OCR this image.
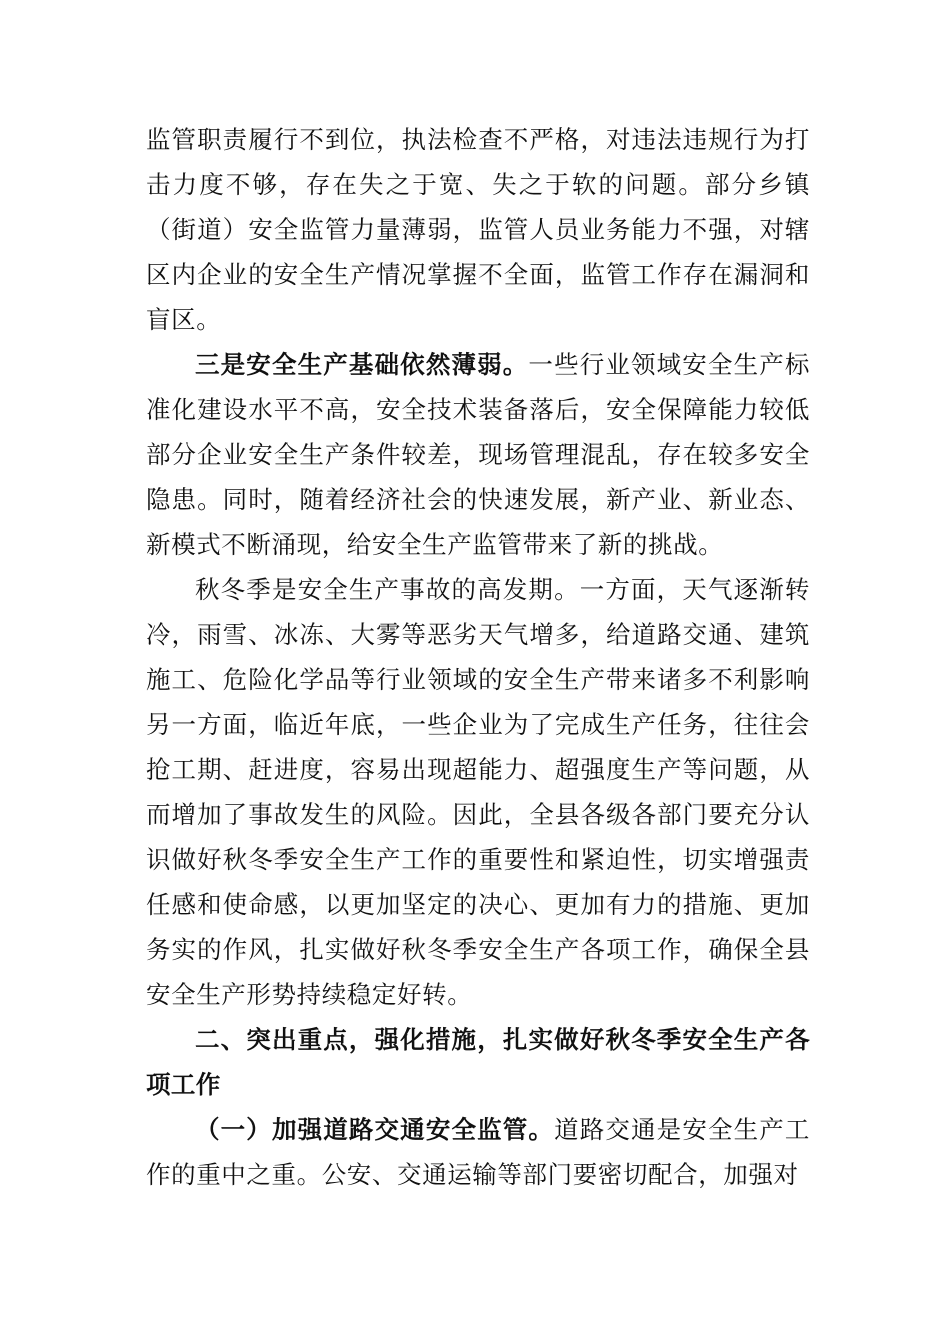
监管职责履行不到位，执法检查不严格，对违法违规行为打击力度不够，存在失之于宽、失之于软的问题。部分乡镇（街道）安全监管力量薄弱，监管人员业务能力不强，对辖区内企业的安全生产情况掌握不全面，监管工作存在漏洞和盲区。

三是安全生产基础依然薄弱。一些行业领域安全生产标准化建设水平不高，安全技术装备落后，安全保障能力较低部分企业安全生产条件较差，现场管理混乱，存在较多安全隐患。同时，随着经济社会的快速发展，新产业、新业态、新模式不断涌现，给安全生产监管带来了新的挑战。

秋冬季是安全生产事故的高发期。一方面，天气逐渐转冷，雨雪、冰冻、大雾等恶劣天气增多，给道路交通、建筑施工、危险化学品等行业领域的安全生产带来诸多不利影响另一方面，临近年底，一些企业为了完成生产任务，往往会抢工期、赶进度，容易出现超能力、超强度生产等问题，从而增加了事故发生的风险。因此，全县各级各部门要充分认识做好秋冬季安全生产工作的重要性和紧迫性，切实增强责任感和使命感，以更加坚定的决心、更加有力的措施、更加务实的作风，扎实做好秋冬季安全生产各项工作，确保全县安全生产形势持续稳定好转。

二、突出重点，强化措施，扎实做好秋冬季安全生产各项工作

（一）加强道路交通安全监管。道路交通是安全生产工作的重中之重。公安、交通运输等部门要密切配合，加强对
